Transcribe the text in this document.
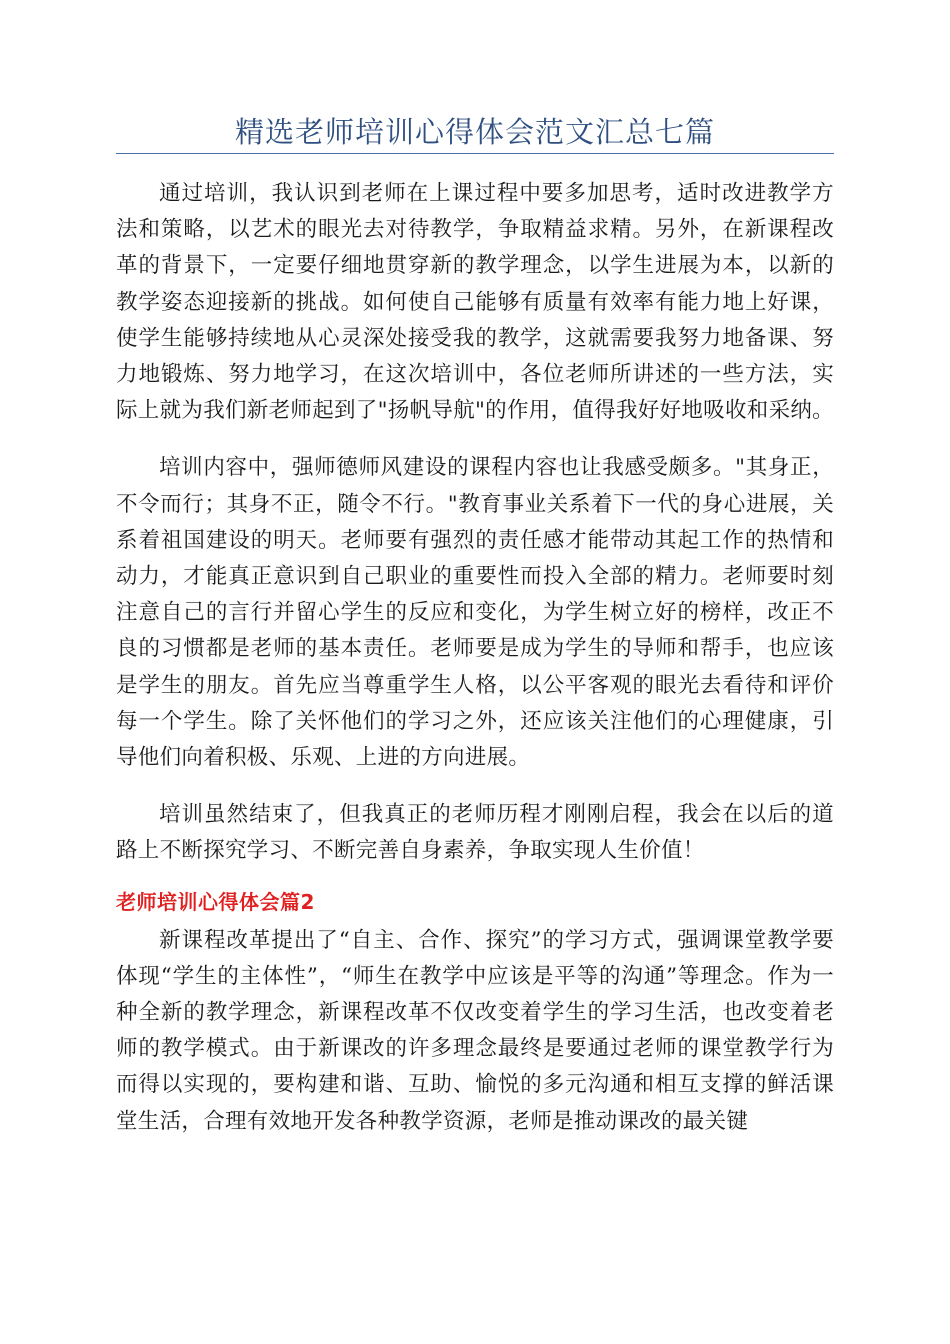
精选老师培训心得体会范文汇总七篇

通过培训，我认识到老师在上课过程中要多加思考，适时改进教学方法和策略，以艺术的眼光去对待教学，争取精益求精。另外，在新课程改革的背景下，一定要仔细地贯穿新的教学理念，以学生进展为本，以新的教学姿态迎接新的挑战。如何使自己能够有质量有效率有能力地上好课，使学生能够持续地从心灵深处接受我的教学，这就需要我努力地备课、努力地锻炼、努力地学习，在这次培训中，各位老师所讲述的一些方法，实际上就为我们新老师起到了"扬帆导航"的作用，值得我好好地吸收和采纳。

培训内容中，强师德师风建设的课程内容也让我感受颇多。"其身正，不令而行；其身不正，随令不行。"教育事业关系着下一代的身心进展，关系着祖国建设的明天。老师要有强烈的责任感才能带动其起工作的热情和动力，才能真正意识到自己职业的重要性而投入全部的精力。老师要时刻注意自己的言行并留心学生的反应和变化，为学生树立好的榜样，改正不良的习惯都是老师的基本责任。老师要是成为学生的导师和帮手，也应该是学生的朋友。首先应当尊重学生人格，以公平客观的眼光去看待和评价每一个学生。除了关怀他们的学习之外，还应该关注他们的心理健康，引导他们向着积极、乐观、上进的方向进展。

培训虽然结束了，但我真正的老师历程才刚刚启程，我会在以后的道路上不断探究学习、不断完善自身素养，争取实现人生价值！

老师培训心得体会篇2

新课程改革提出了“自主、合作、探究”的学习方式，强调课堂教学要体现“学生的主体性”，“师生在教学中应该是平等的沟通”等理念。作为一种全新的教学理念，新课程改革不仅改变着学生的学习生活，也改变着老师的教学模式。由于新课改的许多理念最终是要通过老师的课堂教学行为而得以实现的，要构建和谐、互助、愉悦的多元沟通和相互支撑的鲜活课堂生活，合理有效地开发各种教学资源，老师是推动课改的最关键
